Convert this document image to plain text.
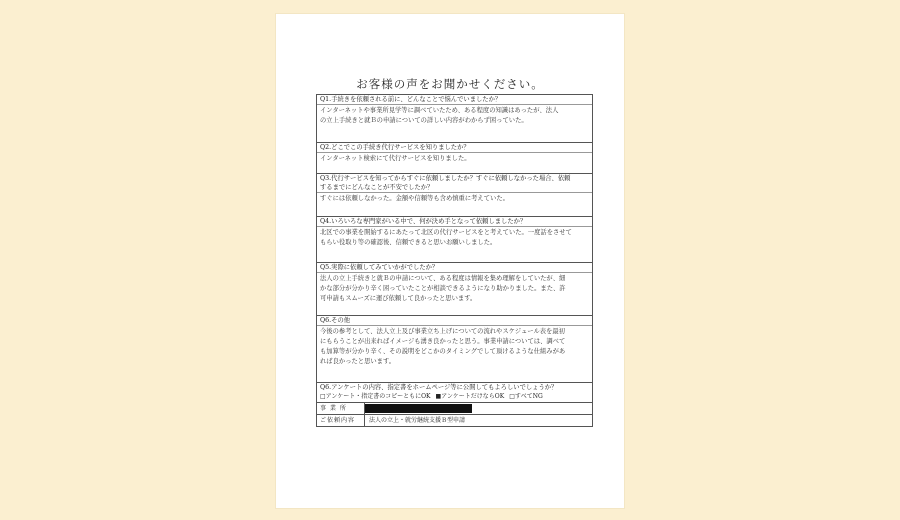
お客様の声をお聞かせください。
Q1.手続きを依頼される前に、どんなことで悩んでいましたか？
インターネットや事業所見学等に調べていたため、ある程度の知識はあったが、法人
の立上手続きと就Ｂの申請についての詳しい内容がわからず困っていた。
Q2.どこでこの手続き代行サービスを知りましたか？
インターネット検索にて代行サービスを知りました。
Q3.代行サービスを知ってからすぐに依頼しましたか？すぐに依頼しなかった場合、依頼
するまでにどんなことが不安でしたか？
すぐには依頼しなかった。金額や信頼等も含め慎重に考えていた。
Q4.いろいろな専門家がいる中で、何が決め手となって依頼しましたか？
北区での事業を開始するにあたって北区の代行サービスをと考えていた。一度話をさせて
もらい役取り等の確認後、信頼できると思いお願いしました。
Q5.実際に依頼してみていかがでしたか？
法人の立上手続きと就Ｂの申請について、ある程度は情報を集め理解をしていたが、細
かな部分が分かり辛く困っていたことが相談できるようになり助かりました。また、許
可申請もスムーズに運び依頼して良かったと思います。
Q6.その他
今後の参考として、法人立上及び事業立ち上げについての流れやスケジュール表を最初
にもらうことが出来ればイメージも湧き良かったと思う。事業申請については、調べて
も加算等が分かり辛く、その説明をどこかのタイミングでして頂けるような仕組みがあ
れば良かったと思います。
Q6.アンケートの内容、指定書をホームページ等に公開してもよろしいでしょうか？
□アンケート・指定書のコピーともにOK ■アンケートだけならOK □すべてNG
事 業 所
ご依頼内容	法人の立上・就労継続支援Ｂ型申請
